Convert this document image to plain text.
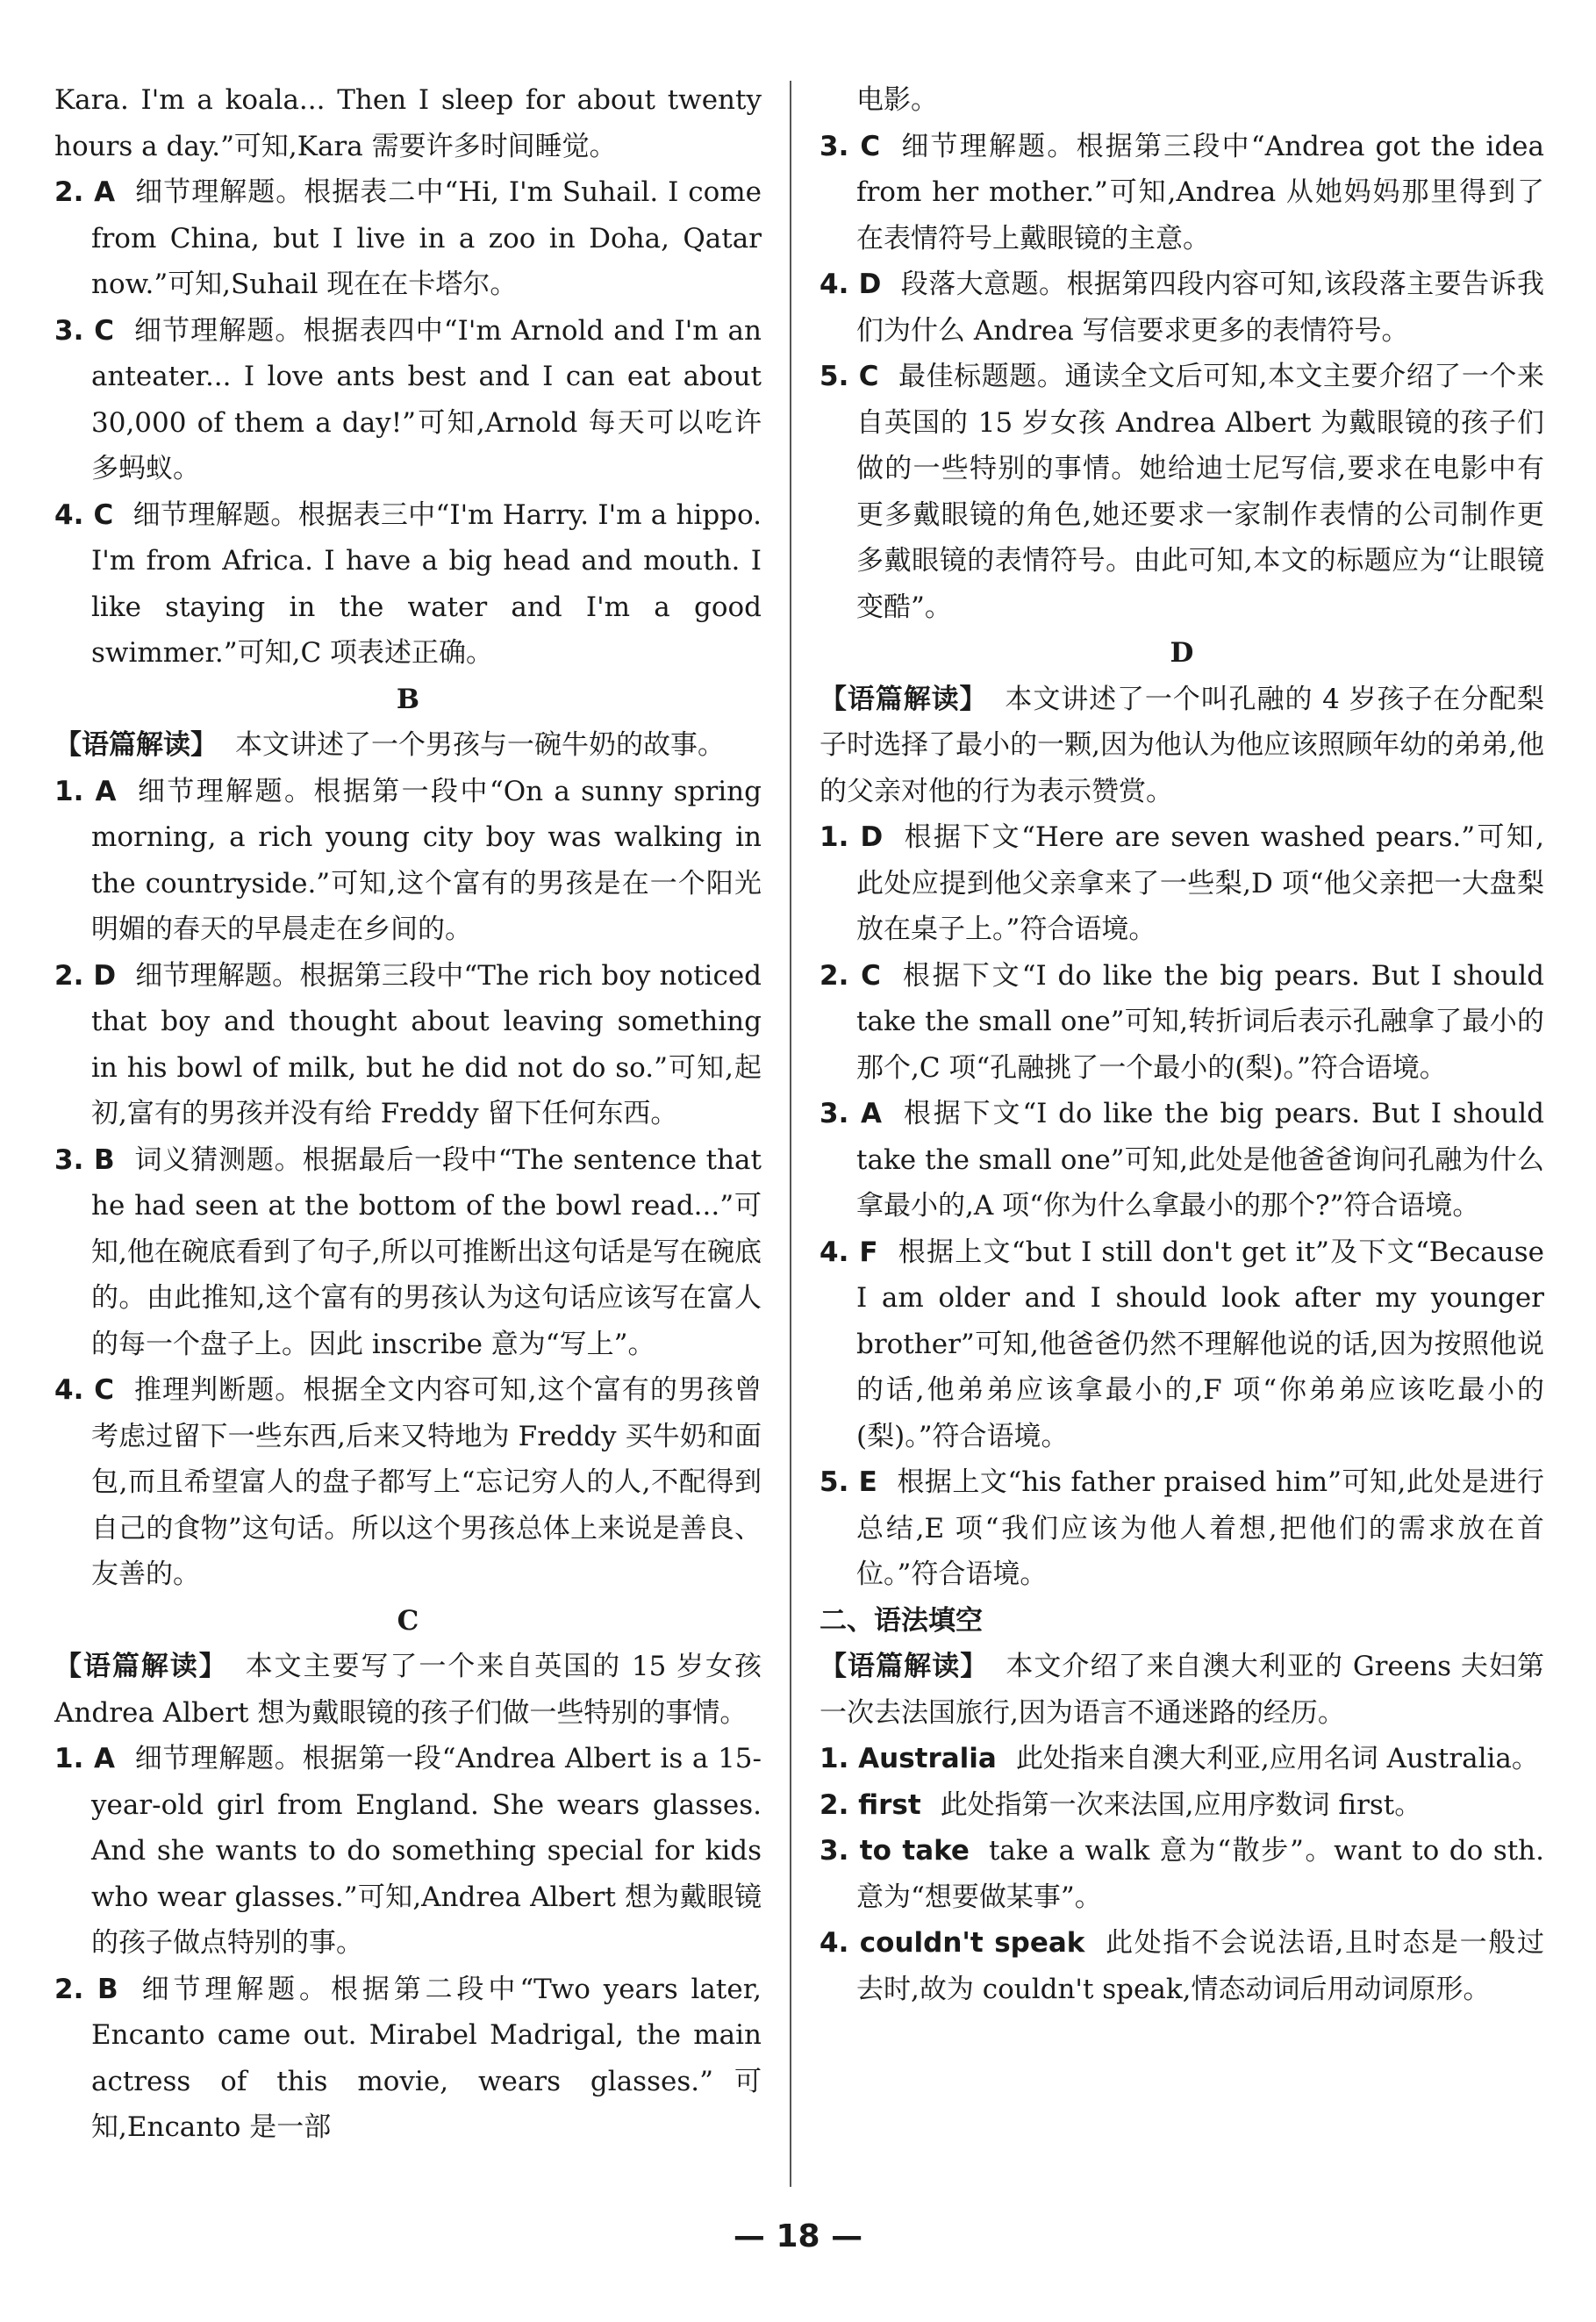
Kara. I'm a koala... Then I sleep for about twenty hours a day.”可知,Kara 需要许多时间睡觉。

2. A 细节理解题。根据表二中“Hi, I'm Suhail. I come from China, but I live in a zoo in Doha, Qatar now.”可知,Suhail 现在在卡塔尔。

3. C 细节理解题。根据表四中“I'm Arnold and I'm an anteater... I love ants best and I can eat about 30,000 of them a day!”可知,Arnold 每天可以吃许多蚂蚁。

4. C 细节理解题。根据表三中“I'm Harry. I'm a hippo. I'm from Africa. I have a big head and mouth. I like staying in the water and I'm a good swimmer.”可知,C 项表述正确。

B

【语篇解读】 本文讲述了一个男孩与一碗牛奶的故事。

1. A 细节理解题。根据第一段中“On a sunny spring morning, a rich young city boy was walking in the countryside.”可知,这个富有的男孩是在一个阳光明媚的春天的早晨走在乡间的。

2. D 细节理解题。根据第三段中“The rich boy noticed that boy and thought about leaving something in his bowl of milk, but he did not do so.”可知,起初,富有的男孩并没有给 Freddy 留下任何东西。

3. B 词义猜测题。根据最后一段中“The sentence that he had seen at the bottom of the bowl read...”可知,他在碗底看到了句子,所以可推断出这句话是写在碗底的。由此推知,这个富有的男孩认为这句话应该写在富人的每一个盘子上。因此 inscribe 意为“写上”。

4. C 推理判断题。根据全文内容可知,这个富有的男孩曾考虑过留下一些东西,后来又特地为 Freddy 买牛奶和面包,而且希望富人的盘子都写上“忘记穷人的人,不配得到自己的食物”这句话。所以这个男孩总体上来说是善良、友善的。

C

【语篇解读】 本文主要写了一个来自英国的 15 岁女孩 Andrea Albert 想为戴眼镜的孩子们做一些特别的事情。

1. A 细节理解题。根据第一段“Andrea Albert is a 15-year-old girl from England. She wears glasses. And she wants to do something special for kids who wear glasses.”可知,Andrea Albert 想为戴眼镜的孩子做点特别的事。

2. B 细节理解题。根据第二段中“Two years later, Encanto came out. Mirabel Madrigal, the main actress of this movie, wears glasses.”可知,Encanto 是一部

电影。

3. C 细节理解题。根据第三段中“Andrea got the idea from her mother.”可知,Andrea 从她妈妈那里得到了在表情符号上戴眼镜的主意。

4. D 段落大意题。根据第四段内容可知,该段落主要告诉我们为什么 Andrea 写信要求更多的表情符号。

5. C 最佳标题题。通读全文后可知,本文主要介绍了一个来自英国的 15 岁女孩 Andrea Albert 为戴眼镜的孩子们做的一些特别的事情。她给迪士尼写信,要求在电影中有更多戴眼镜的角色,她还要求一家制作表情的公司制作更多戴眼镜的表情符号。由此可知,本文的标题应为“让眼镜变酷”。

D

【语篇解读】 本文讲述了一个叫孔融的 4 岁孩子在分配梨子时选择了最小的一颗,因为他认为他应该照顾年幼的弟弟,他的父亲对他的行为表示赞赏。

1. D 根据下文“Here are seven washed pears.”可知,此处应提到他父亲拿来了一些梨,D 项“他父亲把一大盘梨放在桌子上。”符合语境。

2. C 根据下文“I do like the big pears. But I should take the small one”可知,转折词后表示孔融拿了最小的那个,C 项“孔融挑了一个最小的(梨)。”符合语境。

3. A 根据下文“I do like the big pears. But I should take the small one”可知,此处是他爸爸询问孔融为什么拿最小的,A 项“你为什么拿最小的那个?”符合语境。

4. F 根据上文“but I still don't get it”及下文“Because I am older and I should look after my younger brother”可知,他爸爸仍然不理解他说的话,因为按照他说的话,他弟弟应该拿最小的,F 项“你弟弟应该吃最小的(梨)。”符合语境。

5. E 根据上文“his father praised him”可知,此处是进行总结,E 项“我们应该为他人着想,把他们的需求放在首位。”符合语境。

二、语法填空

【语篇解读】 本文介绍了来自澳大利亚的 Greens 夫妇第一次去法国旅行,因为语言不通迷路的经历。

1. Australia 此处指来自澳大利亚,应用名词 Australia。

2. first 此处指第一次来法国,应用序数词 first。

3. to take take a walk 意为“散步”。want to do sth. 意为“想要做某事”。

4. couldn't speak 此处指不会说法语,且时态是一般过去时,故为 couldn't speak,情态动词后用动词原形。

— 18 —
